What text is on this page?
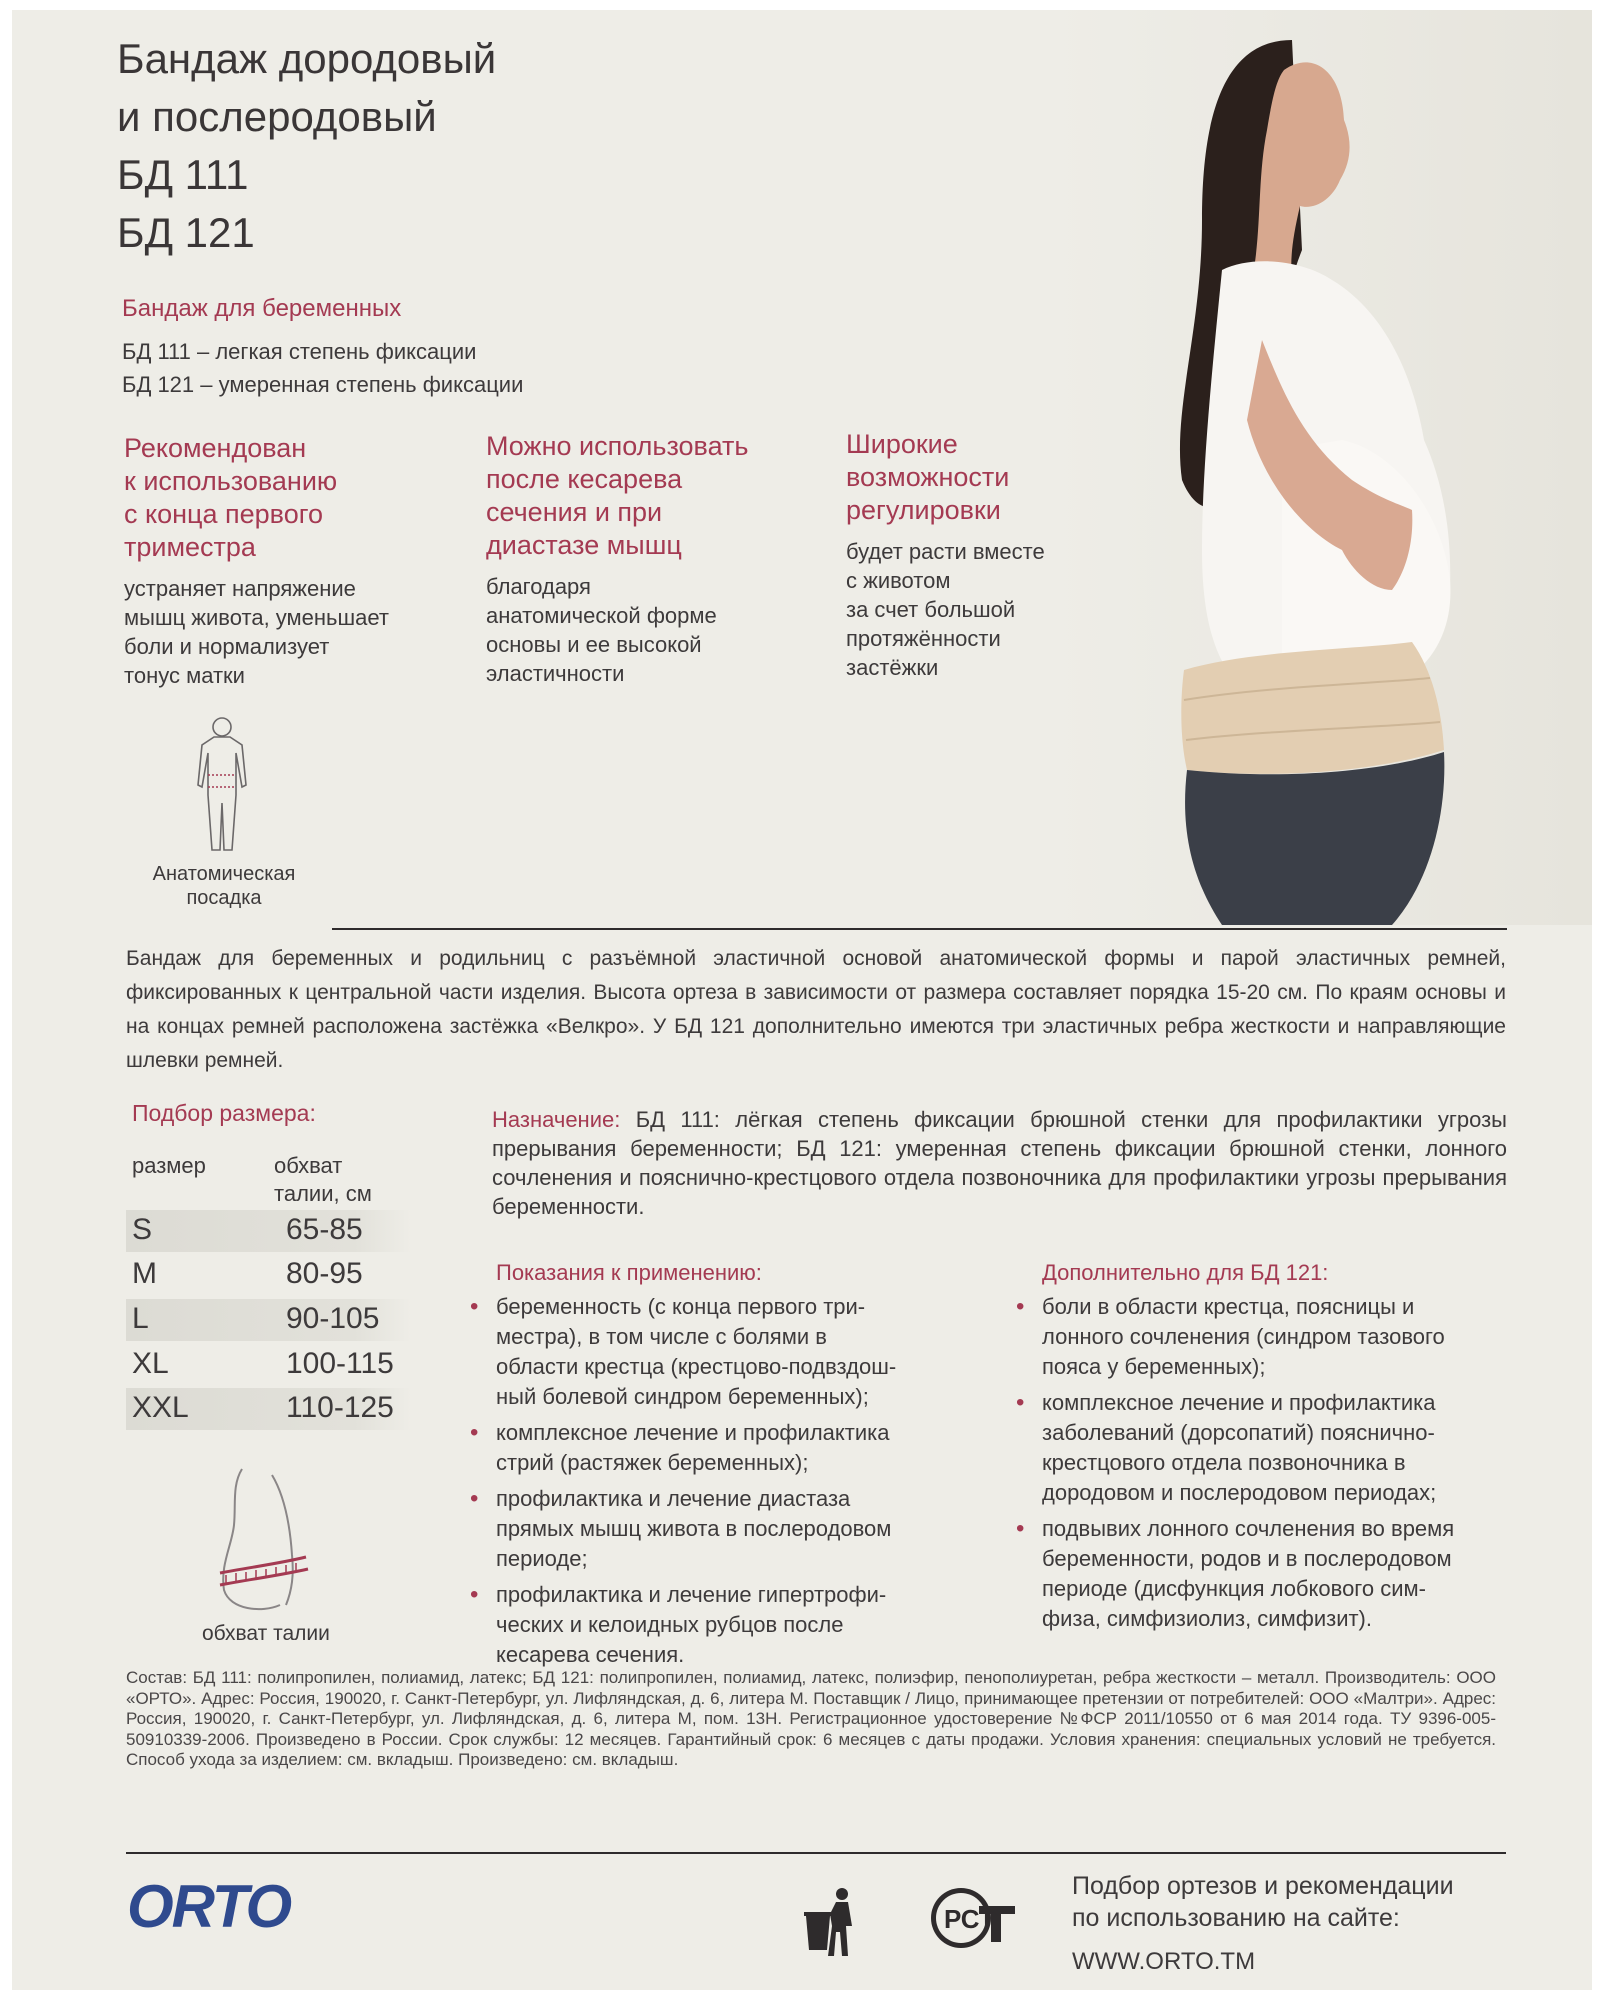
Бандаж дородовый
и послеродовый
БД 111
БД 121
Бандаж для беременных
БД 111 – легкая степень фиксации
БД 121 – умеренная степень фиксации
Рекомендован
к использованию
с конца первого
триместра
устраняет напряжение
мышц живота, уменьшает
боли и нормализует
тонус матки
Можно использовать
после кесарева
сечения и при
диастазе мышц
благодаря
анатомической форме
основы и ее высокой
эластичности
Широкие
возможности
регулировки
будет расти вместе
с животом
за счет большой
протяжённости
застёжки
Анатомическая
посадка
Бандаж для беременных и родильниц с разъёмной эластичной основой анатомической формы и парой эластичных ремней, фиксированных к центральной части изделия. Высота ортеза в зависимости от размера составляет порядка 15-20 см. По краям основы и на концах ремней расположена застёжка «Велкро». У БД 121 дополнительно имеются три эластичных ребра жесткости и направляющие шлевки ремней.
Подбор размера:
размер	обхват
талии, см
S	65-85
M	80-95
L	90-105
XL	100-115
XXL	110-125
обхват талии
Назначение: БД 111: лёгкая степень фиксации брюшной стенки для профилактики угрозы прерывания беременности; БД 121: умеренная степень фиксации брюшной стенки, лонного сочленения и пояснично-крестцового отдела позвоночника для профилактики угрозы прерывания беременности.
Показания к применению:
• беременность (с конца первого три-
местра), в том числе с болями в
области крестца (крестцово-подвздош-
ный болевой синдром беременных);
• комплексное лечение и профилактика
стрий (растяжек беременных);
• профилактика и лечение диастаза
прямых мышц живота в послеродовом
периоде;
• профилактика и лечение гипертрофи-
ческих и келоидных рубцов после
кесарева сечения.
Дополнительно для БД 121:
• боли в области крестца, поясницы и
лонного сочленения (синдром тазового
пояса у беременных);
• комплексное лечение и профилактика
заболеваний (дорсопатий) пояснично-
крестцового отдела позвоночника в
дородовом и послеродовом периодах;
• подвывих лонного сочленения во время
беременности, родов и в послеродовом
периоде (дисфункция лобкового сим-
физа, симфизиолиз, симфизит).
Состав: БД 111: полипропилен, полиамид, латекс; БД 121: полипропилен, полиамид, латекс, полиэфир, пенополиуретан, ребра жесткости – металл. Производитель: ООО «ОРТО». Адрес: Россия, 190020, г. Санкт-Петербург, ул. Лифляндская, д. 6, литера М. Поставщик / Лицо, принимающее претензии от потребителей: ООО «Малтри». Адрес: Россия, 190020, г. Санкт-Петербург, ул. Лифляндская, д. 6, литера М, пом. 13Н. Регистрационное удостоверение №ФСР 2011/10550 от 6 мая 2014 года. ТУ 9396-005-50910339-2006. Произведено в России. Срок службы: 12 месяцев. Гарантийный срок: 6 месяцев с даты продажи. Условия хранения: специальных условий не требуется. Способ ухода за изделием: см. вкладыш. Произведено: см. вкладыш.
ORTO	РСТ
Подбор ортезов и рекомендации
по использованию на сайте:
WWW.ORTO.TM
